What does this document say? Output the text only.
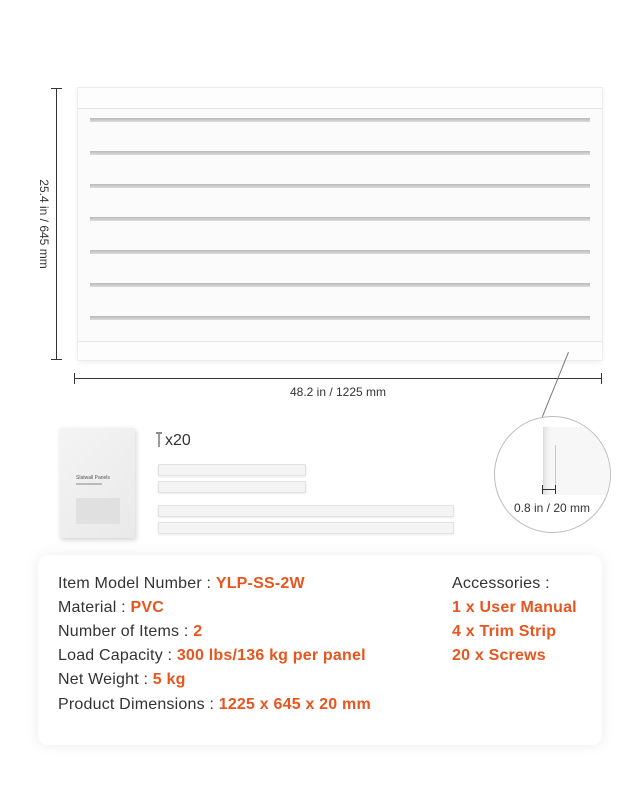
25.4 in / 645 mm
48.2 in / 1225 mm
Slatwall Panels
x20
0.8 in / 20 mm
Item Model Number : YLP-SS-2W
Material : PVC
Number of Items : 2
Load Capacity : 300 lbs/136 kg per panel
Net Weight : 5 kg
Product Dimensions : 1225 x 645 x 20 mm
Accessories :
1 x User Manual
4 x Trim Strip
20 x Screws
